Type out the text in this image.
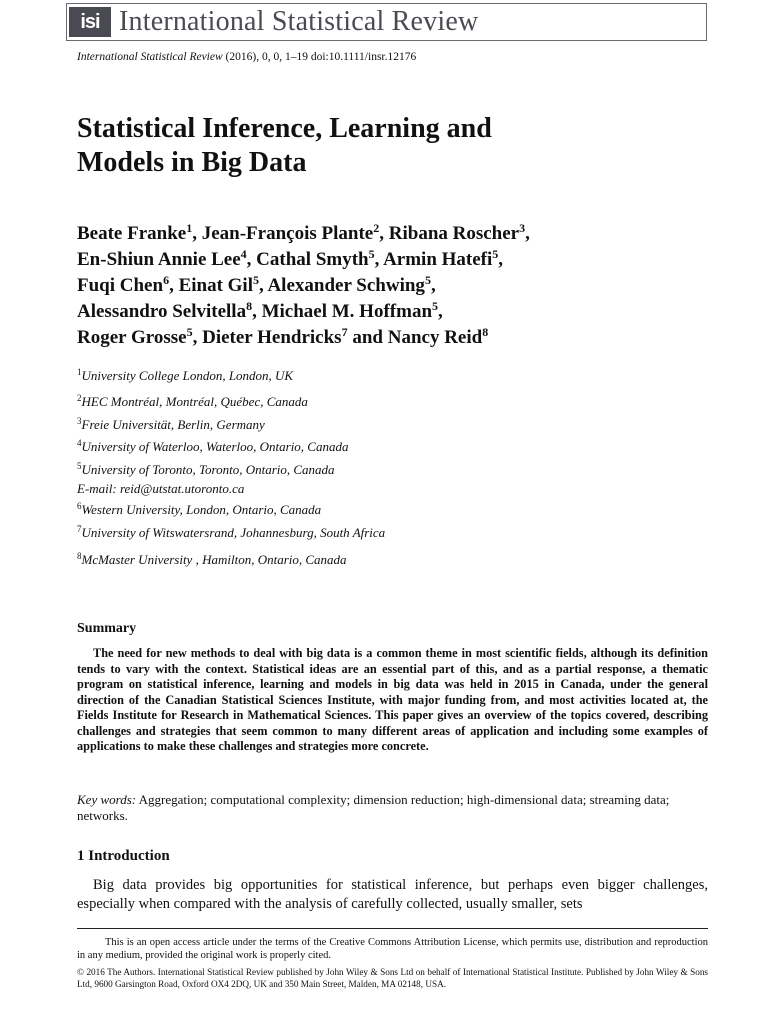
isi International Statistical Review
International Statistical Review (2016), 0, 0, 1–19 doi:10.1111/insr.12176
Statistical Inference, Learning and
Models in Big Data
Beate Franke$^1$, Jean-François Plante$^2$, Ribana Roscher$^3$,
En-Shiun Annie Lee$^4$, Cathal Smyth$^5$, Armin Hatefi$^5$,
Fuqi Chen$^6$, Einat Gil$^5$, Alexander Schwing$^5$,
Alessandro Selvitella$^8$, Michael M. Hoffman$^5$,
Roger Grosse$^5$, Dieter Hendricks$^7$ and Nancy Reid$^8$
$^1$University College London, London, UK
$^2$HEC Montréal, Montréal, Québec, Canada
$^3$Freie Universität, Berlin, Germany
$^4$University of Waterloo, Waterloo, Ontario, Canada
$^5$University of Toronto, Toronto, Ontario, Canada
E-mail: reid@utstat.utoronto.ca
$^6$Western University, London, Ontario, Canada
$^7$University of Witswatersrand, Johannesburg, South Africa
$^8$McMaster University , Hamilton, Ontario, Canada
Summary
The need for new methods to deal with big data is a common theme in most scientific fields, although its definition tends to vary with the context. Statistical ideas are an essential part of this, and as a partial response, a thematic program on statistical inference, learning and models in big data was held in 2015 in Canada, under the general direction of the Canadian Statistical Sciences Institute, with major funding from, and most activities located at, the Fields Institute for Research in Mathematical Sciences. This paper gives an overview of the topics covered, describing challenges and strategies that seem common to many different areas of application and including some examples of applications to make these challenges and strategies more concrete.
Key words: Aggregation; computational complexity; dimension reduction; high-dimensional data; streaming data; networks.
1 Introduction
Big data provides big opportunities for statistical inference, but perhaps even bigger challenges, especially when compared with the analysis of carefully collected, usually smaller, sets
This is an open access article under the terms of the Creative Commons Attribution License, which permits use, distribution and reproduction in any medium, provided the original work is properly cited.
© 2016 The Authors. International Statistical Review published by John Wiley & Sons Ltd on behalf of International Statistical Institute. Published by John Wiley & Sons Ltd, 9600 Garsington Road, Oxford OX4 2DQ, UK and 350 Main Street, Malden, MA 02148, USA.
